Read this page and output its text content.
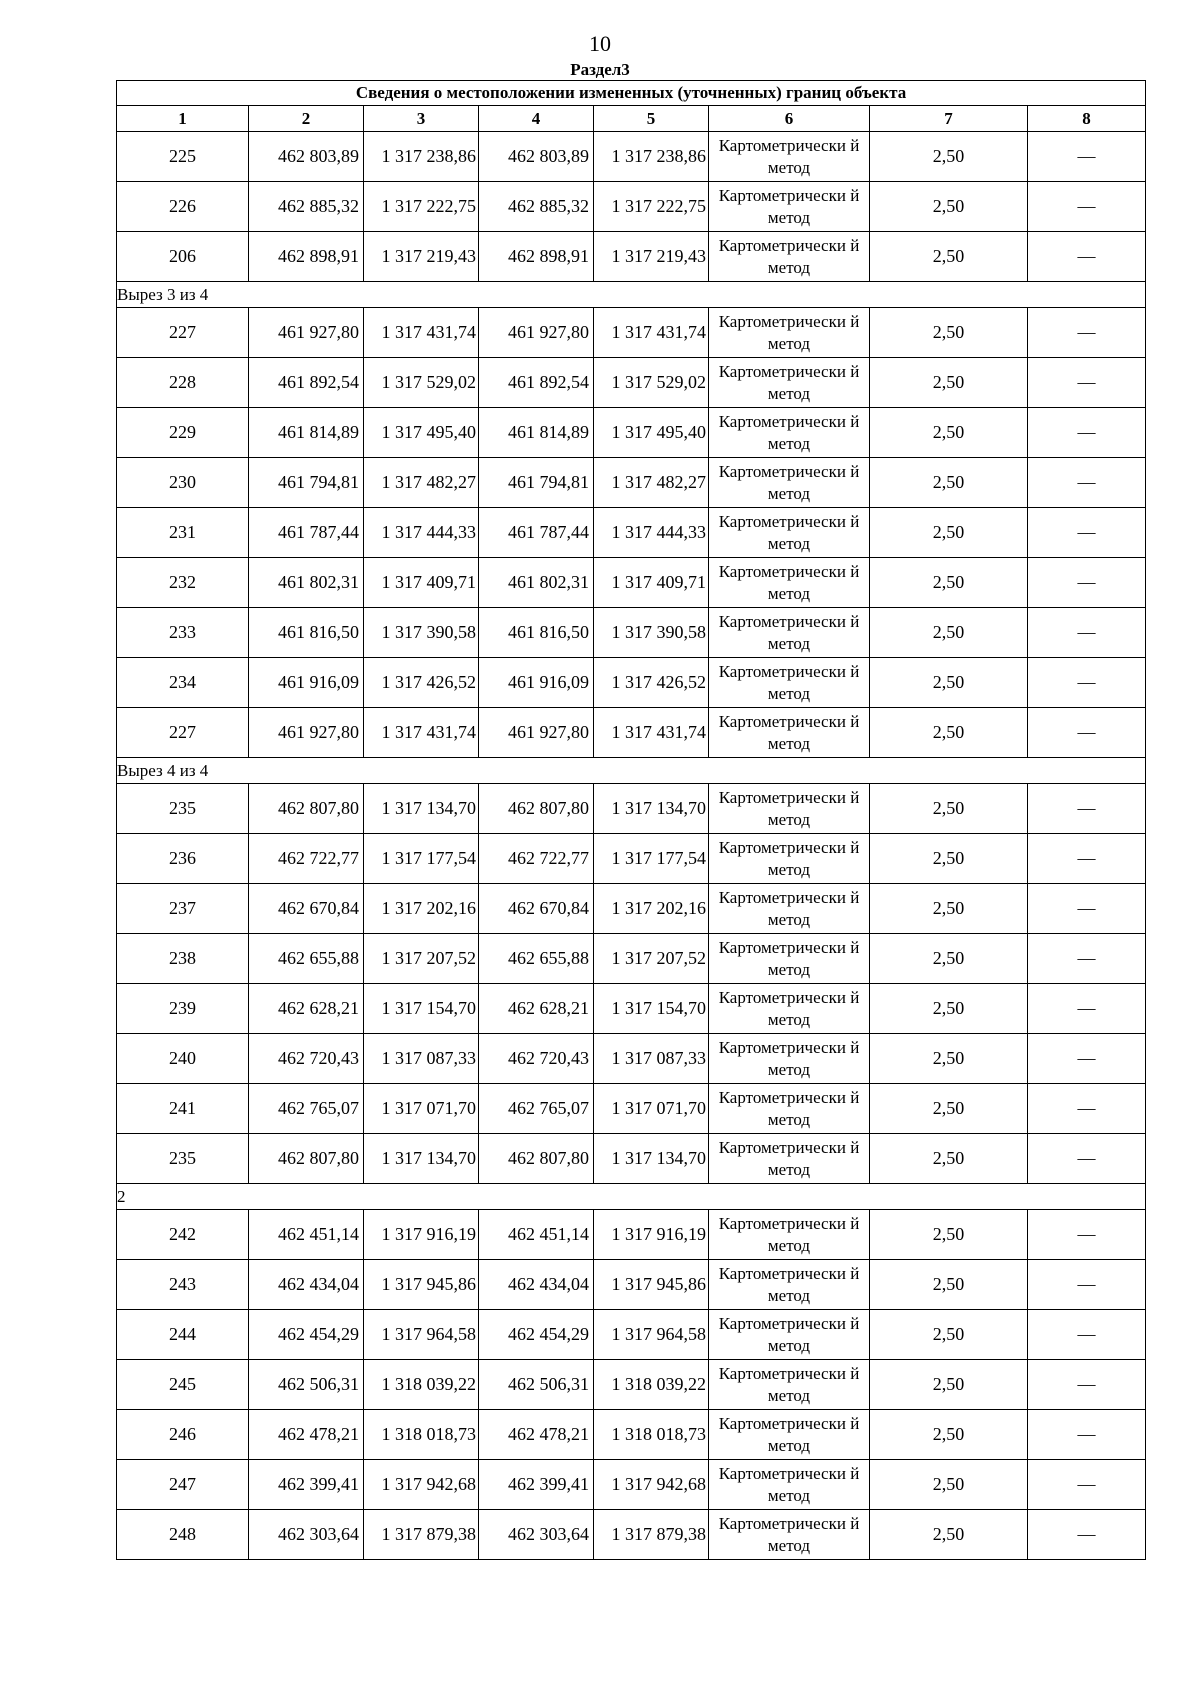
10
Раздел3
Сведения о местоположении измененных (уточненных) границ объекта							
1	2	3	4	5	6	7	8
225	462 803,89	1 317 238,86	462 803,89	1 317 238,86	Картометрически й метод	2,50	—
226	462 885,32	1 317 222,75	462 885,32	1 317 222,75	Картометрически й метод	2,50	—
206	462 898,91	1 317 219,43	462 898,91	1 317 219,43	Картометрически й метод	2,50	—
Вырез 3 из 4							
227	461 927,80	1 317 431,74	461 927,80	1 317 431,74	Картометрически й метод	2,50	—
228	461 892,54	1 317 529,02	461 892,54	1 317 529,02	Картометрически й метод	2,50	—
229	461 814,89	1 317 495,40	461 814,89	1 317 495,40	Картометрически й метод	2,50	—
230	461 794,81	1 317 482,27	461 794,81	1 317 482,27	Картометрически й метод	2,50	—
231	461 787,44	1 317 444,33	461 787,44	1 317 444,33	Картометрически й метод	2,50	—
232	461 802,31	1 317 409,71	461 802,31	1 317 409,71	Картометрически й метод	2,50	—
233	461 816,50	1 317 390,58	461 816,50	1 317 390,58	Картометрически й метод	2,50	—
234	461 916,09	1 317 426,52	461 916,09	1 317 426,52	Картометрически й метод	2,50	—
227	461 927,80	1 317 431,74	461 927,80	1 317 431,74	Картометрически й метод	2,50	—
Вырез 4 из 4							
235	462 807,80	1 317 134,70	462 807,80	1 317 134,70	Картометрически й метод	2,50	—
236	462 722,77	1 317 177,54	462 722,77	1 317 177,54	Картометрически й метод	2,50	—
237	462 670,84	1 317 202,16	462 670,84	1 317 202,16	Картометрически й метод	2,50	—
238	462 655,88	1 317 207,52	462 655,88	1 317 207,52	Картометрически й метод	2,50	—
239	462 628,21	1 317 154,70	462 628,21	1 317 154,70	Картометрически й метод	2,50	—
240	462 720,43	1 317 087,33	462 720,43	1 317 087,33	Картометрически й метод	2,50	—
241	462 765,07	1 317 071,70	462 765,07	1 317 071,70	Картометрически й метод	2,50	—
235	462 807,80	1 317 134,70	462 807,80	1 317 134,70	Картометрически й метод	2,50	—
2							
242	462 451,14	1 317 916,19	462 451,14	1 317 916,19	Картометрически й метод	2,50	—
243	462 434,04	1 317 945,86	462 434,04	1 317 945,86	Картометрически й метод	2,50	—
244	462 454,29	1 317 964,58	462 454,29	1 317 964,58	Картометрически й метод	2,50	—
245	462 506,31	1 318 039,22	462 506,31	1 318 039,22	Картометрически й метод	2,50	—
246	462 478,21	1 318 018,73	462 478,21	1 318 018,73	Картометрически й метод	2,50	—
247	462 399,41	1 317 942,68	462 399,41	1 317 942,68	Картометрически й метод	2,50	—
248	462 303,64	1 317 879,38	462 303,64	1 317 879,38	Картометрически й метод	2,50	—
